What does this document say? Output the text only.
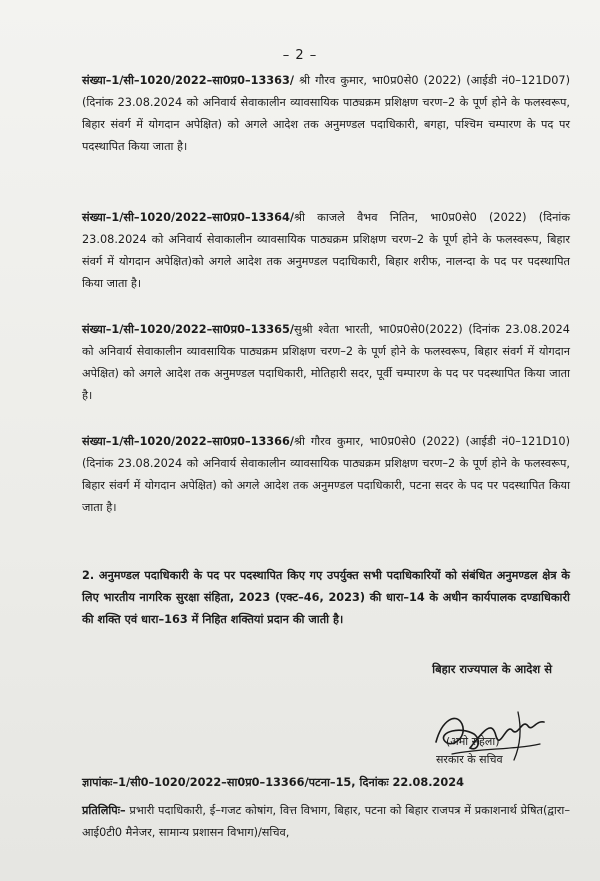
– 2 –

संख्या–1/सी–1020/2022–सा0प्र0–13363/ श्री गौरव कुमार, भा0प्र0से0 (2022) (आईडी नं0–121D07) (दिनांक 23.08.2024 को अनिवार्य सेवाकालीन व्यावसायिक पाठ्यक्रम प्रशिक्षण चरण–2 के पूर्ण होने के फलस्वरूप, बिहार संवर्ग में योगदान अपेक्षित) को अगले आदेश तक अनुमण्डल पदाधिकारी, बगहा, पश्चिम चम्पारण के पद पर पदस्थापित किया जाता है।

संख्या–1/सी–1020/2022–सा0प्र0–13364/श्री काजले वैभव नितिन, भा0प्र0से0 (2022) (दिनांक 23.08.2024 को अनिवार्य सेवाकालीन व्यावसायिक पाठ्यक्रम प्रशिक्षण चरण–2 के पूर्ण होने के फलस्वरूप, बिहार संवर्ग में योगदान अपेक्षित)को अगले आदेश तक अनुमण्डल पदाधिकारी, बिहार शरीफ, नालन्दा के पद पर पदस्थापित किया जाता है।

संख्या–1/सी–1020/2022–सा0प्र0–13365/सुश्री श्वेता भारती, भा0प्र0से0(2022) (दिनांक 23.08.2024 को अनिवार्य सेवाकालीन व्यावसायिक पाठ्यक्रम प्रशिक्षण चरण–2 के पूर्ण होने के फलस्वरूप, बिहार संवर्ग में योगदान अपेक्षित) को अगले आदेश तक अनुमण्डल पदाधिकारी, मोतिहारी सदर, पूर्वी चम्पारण के पद पर पदस्थापित किया जाता है।

संख्या–1/सी–1020/2022–सा0प्र0–13366/श्री गौरव कुमार, भा0प्र0से0 (2022) (आईडी नं0–121D10) (दिनांक 23.08.2024 को अनिवार्य सेवाकालीन व्यावसायिक पाठ्यक्रम प्रशिक्षण चरण–2 के पूर्ण होने के फलस्वरूप, बिहार संवर्ग में योगदान अपेक्षित) को अगले आदेश तक अनुमण्डल पदाधिकारी, पटना सदर के पद पर पदस्थापित किया जाता है।

2. अनुमण्डल पदाधिकारी के पद पर पदस्थापित किए गए उपर्युक्त सभी पदाधिकारियों को संबंधित अनुमण्डल क्षेत्र के लिए भारतीय नागरिक सुरक्षा संहिता, 2023 (एक्ट–46, 2023) की धारा–14 के अधीन कार्यपालक दण्डाधिकारी की शक्ति एवं धारा–163 में निहित शक्तियां प्रदान की जाती है।

बिहार राज्यपाल के आदेश से
(अमो सहेला)
सरकार के सचिव
ज्ञापांकः–1/सी0–1020/2022–सा0प्र0–13366/पटना–15, दिनांकः 22.08.2024

प्रतिलिपिः– प्रभारी पदाधिकारी, ई–गजट कोषांग, वित्त विभाग, बिहार, पटना को बिहार राजपत्र में प्रकाशनार्थ प्रेषित(द्वारा–आई0टी0 मैनेजर, सामान्य प्रशासन विभाग)/सचिव,
